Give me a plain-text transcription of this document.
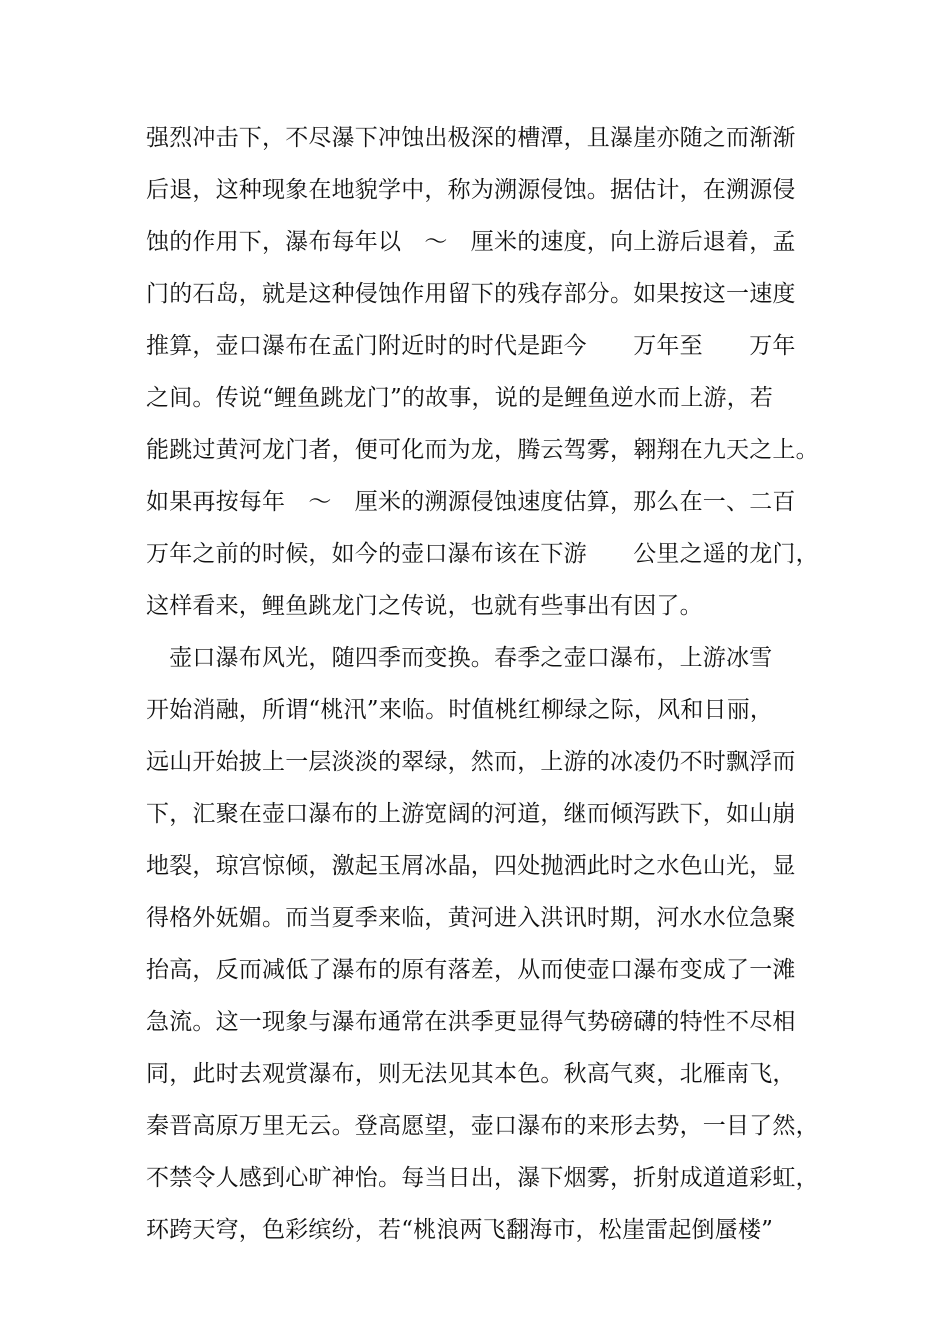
强烈冲击下，不尽瀑下冲蚀出极深的槽潭，且瀑崖亦随之而渐渐
后退，这种现象在地貌学中，称为溯源侵蚀。据估计，在溯源侵
蚀的作用下，瀑布每年以　～　厘米的速度，向上游后退着，孟
门的石岛，就是这种侵蚀作用留下的残存部分。如果按这一速度
推算，壶口瀑布在孟门附近时的时代是距今　　万年至　　万年
之间。传说“鲤鱼跳龙门”的故事，说的是鲤鱼逆水而上游，若
能跳过黄河龙门者，便可化而为龙，腾云驾雾，翱翔在九天之上。
如果再按每年　～　厘米的溯源侵蚀速度估算，那么在一、二百
万年之前的时候，如今的壶口瀑布该在下游　　公里之遥的龙门，
这样看来，鲤鱼跳龙门之传说，也就有些事出有因了。
　壶口瀑布风光，随四季而变换。春季之壶口瀑布，上游冰雪
开始消融，所谓“桃汛”来临。时值桃红柳绿之际，风和日丽，
远山开始披上一层淡淡的翠绿，然而，上游的冰凌仍不时飘浮而
下，汇聚在壶口瀑布的上游宽阔的河道，继而倾泻跌下，如山崩
地裂，琼宫惊倾，激起玉屑冰晶，四处抛洒此时之水色山光，显
得格外妩媚。而当夏季来临，黄河进入洪讯时期，河水水位急聚
抬高，反而减低了瀑布的原有落差，从而使壶口瀑布变成了一滩
急流。这一现象与瀑布通常在洪季更显得气势磅礴的特性不尽相
同，此时去观赏瀑布，则无法见其本色。秋高气爽，北雁南飞，
秦晋高原万里无云。登高愿望，壶口瀑布的来形去势，一目了然，
不禁令人感到心旷神怡。每当日出，瀑下烟雾，折射成道道彩虹，
环跨天穹，色彩缤纷，若“桃浪两飞翻海市，松崖雷起倒蜃楼”
